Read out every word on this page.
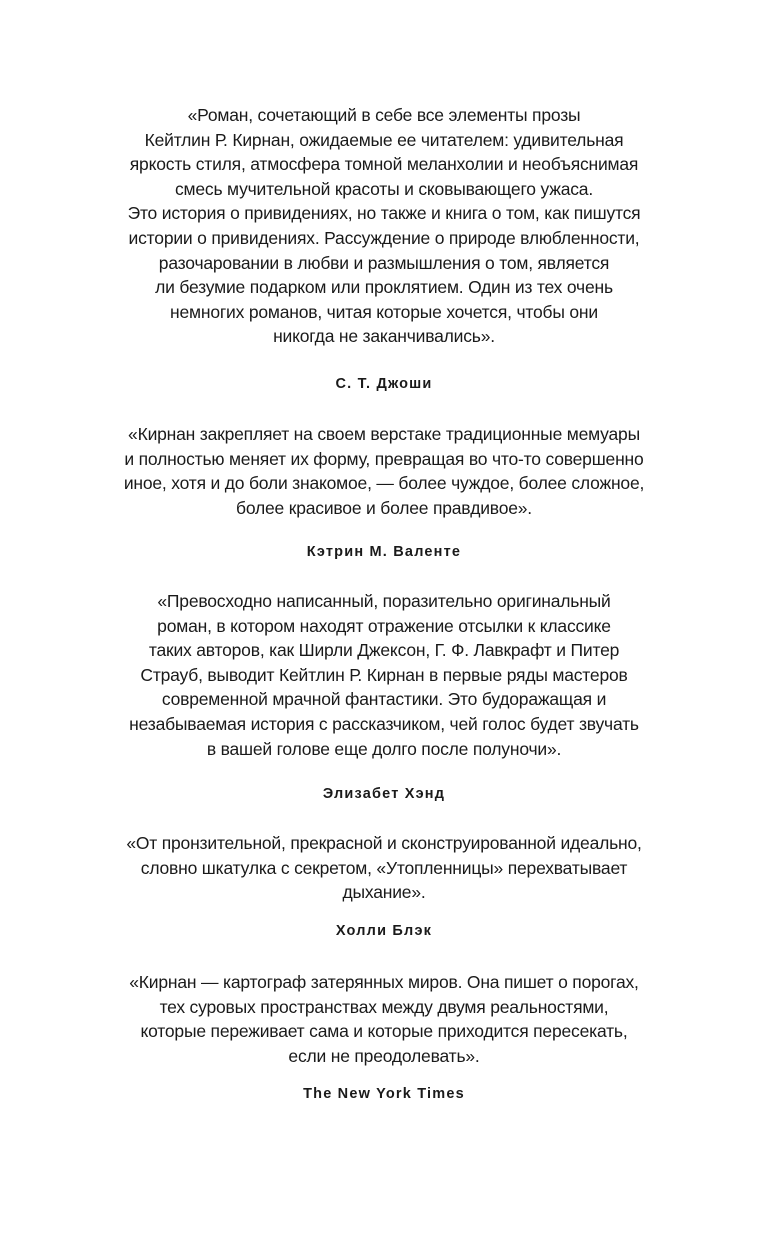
«Роман, сочетающий в себе все элементы прозы

Кейтлин Р. Кирнан, ожидаемые ее читателем: удивительная

яркость стиля, атмосфера томной меланхолии и необъяснимая

смесь мучительной красоты и сковывающего ужаса.

Это история о привидениях, но также и книга о том, как пишутся

истории о привидениях. Рассуждение о природе влюбленности,

разочаровании в любви и размышления о том, является

ли безумие подарком или проклятием. Один из тех очень

немногих романов, читая которые хочется, чтобы они

никогда не заканчивались».

С. Т. Джоши

«Кирнан закрепляет на своем верстаке традиционные мемуары

и полностью меняет их форму, превращая во что-то совершенно

иное, хотя и до боли знакомое, — более чуждое, более сложное,

более красивое и более правдивое».

Кэтрин М. Валенте

«Превосходно написанный, поразительно оригинальный

роман, в котором находят отражение отсылки к классике

таких авторов, как Ширли Джексон, Г. Ф. Лавкрафт и Питер

Страуб, выводит Кейтлин Р. Кирнан в первые ряды мастеров

современной мрачной фантастики. Это будоражащая и

незабываемая история с рассказчиком, чей голос будет звучать

в вашей голове еще долго после полуночи».

Элизабет Хэнд

«От пронзительной, прекрасной и сконструированной идеально,

словно шкатулка с секретом, «Утопленницы» перехватывает

дыхание».

Холли Блэк

«Кирнан — картограф затерянных миров. Она пишет о порогах,

тех суровых пространствах между двумя реальностями,

которые переживает сама и которые приходится пересекать,

если не преодолевать».

The New York Times
